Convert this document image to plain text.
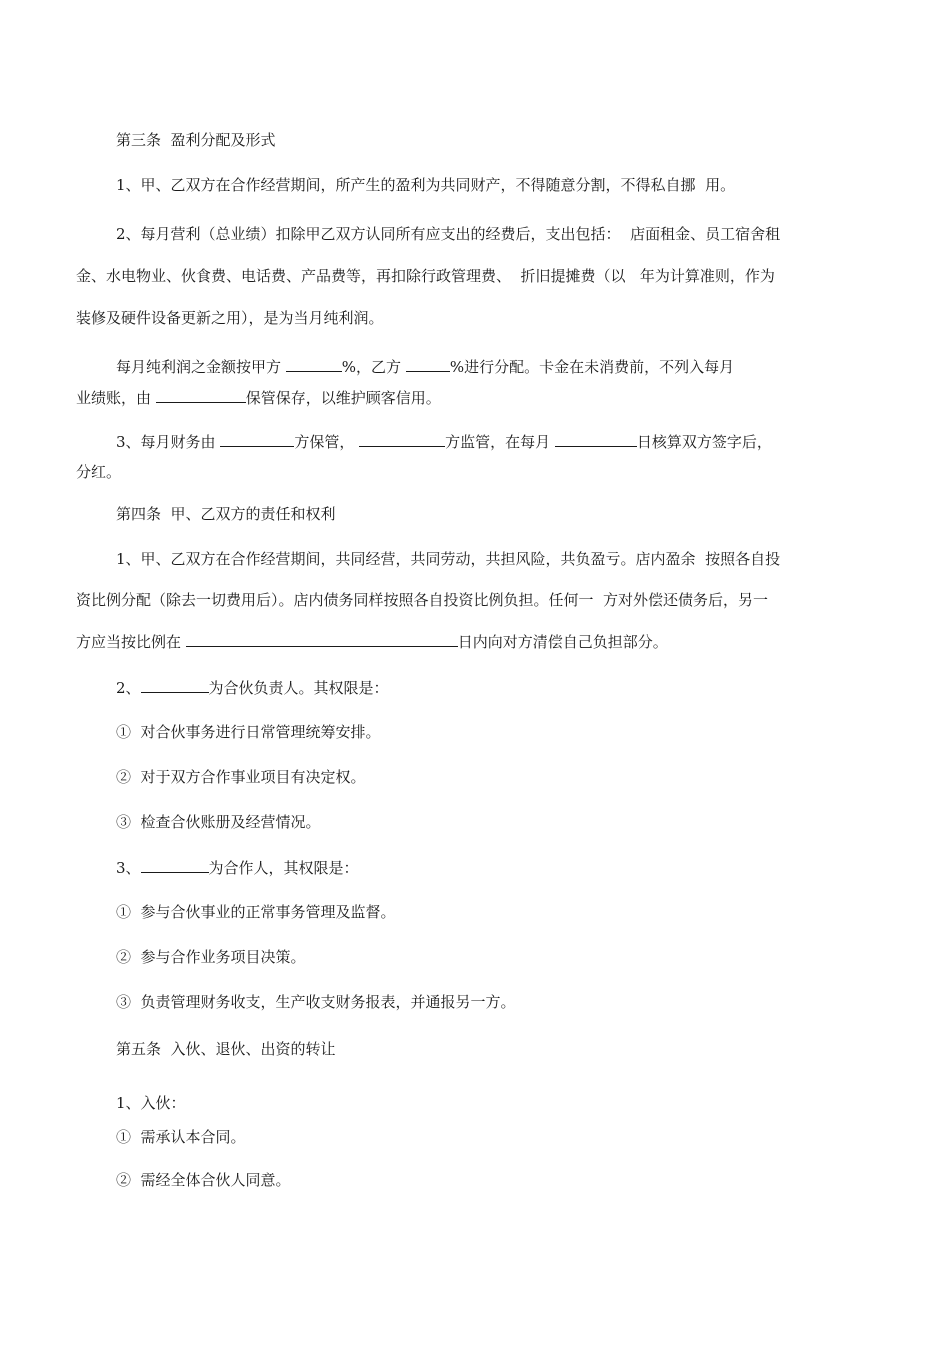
第三条  盈利分配及形式

1、甲、乙双方在合作经营期间，所产生的盈利为共同财产，不得随意分割，不得私自挪  用。

2、每月营利（总业绩）扣除甲乙双方认同所有应支出的经费后，支出包括：  店面租金、员工宿舍租

金、水电物业、伙食费、电话费、产品费等，再扣除行政管理费、  折旧提摊费（以   年为计算准则，作为

装修及硬件设备更新之用），是为当月纯利润。

每月纯利润之金额按甲方	%，乙方	%进行分配。卡金在未消费前，不列入每月

业绩账，由	保管保存，以维护顾客信用。

3、每月财务由	方保管，	方监管，在每月	日核算双方签字后，

分红。

第四条  甲、乙双方的责任和权利

1、甲、乙双方在合作经营期间，共同经营，共同劳动，共担风险，共负盈亏。店内盈余  按照各自投

资比例分配（除去一切费用后）。店内债务同样按照各自投资比例负担。任何一  方对外偿还债务后，另一

方应当按比例在	日内向对方清偿自己负担部分。

2、	为合伙负责人。其权限是：

①  对合伙事务进行日常管理统筹安排。

②  对于双方合作事业项目有决定权。

③  检查合伙账册及经营情况。

3、	为合作人，其权限是：

①  参与合伙事业的正常事务管理及监督。

②  参与合作业务项目决策。

③  负责管理财务收支，生产收支财务报表，并通报另一方。

第五条  入伙、退伙、出资的转让

1、入伙：

①  需承认本合同。

②  需经全体合伙人同意。
